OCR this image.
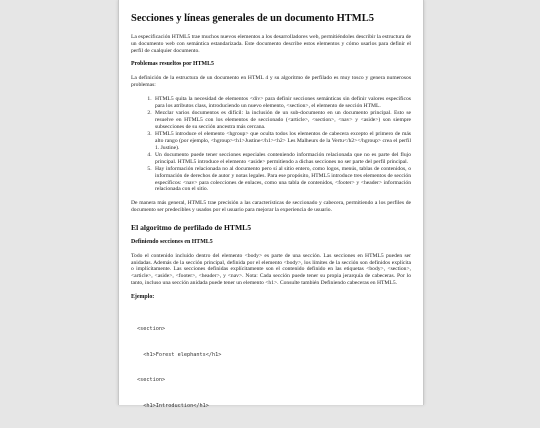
Secciones y líneas generales de un documento HTML5

La especificación HTML5 trae muchos nuevos elementos a los desarrolladores web, permitiéndoles describir la estructura de un documento web con semántica estandarizada. Este documento describe estos elementos y cómo usarlos para definir el perfil de cualquier documento.

Problemas resueltos por HTML5

La definición de la estructura de un documento en HTML 4 y su algoritmo de perfilado es muy tosco y genera numerosos problemas:

1. HTML5 quita la necesidad de elementos <div> para definir secciones semánticas sin definir valores específicos para los atributos class, introduciendo un nuevo elemento, <section>, el elemento de sección HTML.
2. Mezclar varios documentos es difícil: la inclusión de un sub-documento en un documento principal. Esto se resuelve en HTML5 con los elementos de seccionado (<article>, <section>, <nav> y <aside>) son siempre subsecciones de su sección ancestra más cercana.
3. HTML5 introduce el elemento <hgroup> que oculta todos los elementos de cabecera excepto el primero de más alto rango (por ejemplo, <hgroup><h1>Justine</h1><h2> Les Malheurs de la Vertu</h2></hgroup> crea el perfil 1. Justine).
4. Un documento puede tener secciones especiales conteniendo información relacionada que no es parte del flujo principal. HTML5 introduce el elemento <aside> permitiendo a dichas secciones no ser parte del perfil principal.
5. Hay información relacionada no al documento pero sí al sitio entero, como logos, menús, tablas de contenidos, o información de derechos de autor y notas legales. Para ese propósito, HTML5 introduce tres elementos de sección específicos: <nav> para colecciones de enlaces, como una tabla de contenidos, <footer> y <header> información relacionada con el sitio.

De manera más general, HTML5 trae precisión a las características de seccionado y cabecera, permitiendo a los perfiles de documento ser predecibles y usados por el usuario para mejorar la experiencia de usuario.

El algoritmo de perfilado de HTML5
Definiendo secciones en HTML5

Todo el contenido incluido dentro del elemento <body> es parte de una sección. Las secciones en HTML5 pueden ser anidadas. Además de la sección principal, definida por el elemento <body>, los límites de la sección son definidos explícita o implícitamente. Las secciones definidas explícitamente son el contenido definido en las etiquetas <body>, <section>, <article>, <aside>, <footer>, <header>, y <nav>. Nota: Cada sección puede tener su propia jerarquía de cabeceras. Por lo tanto, incluso una sección anidada puede tener un elemento <h1>. Consulte también Definiendo cabeceras en HTML5.

Ejemplo:

<section>

<h1>Forest elephants</h1>

<section>

<h1>Introduction</h1>
